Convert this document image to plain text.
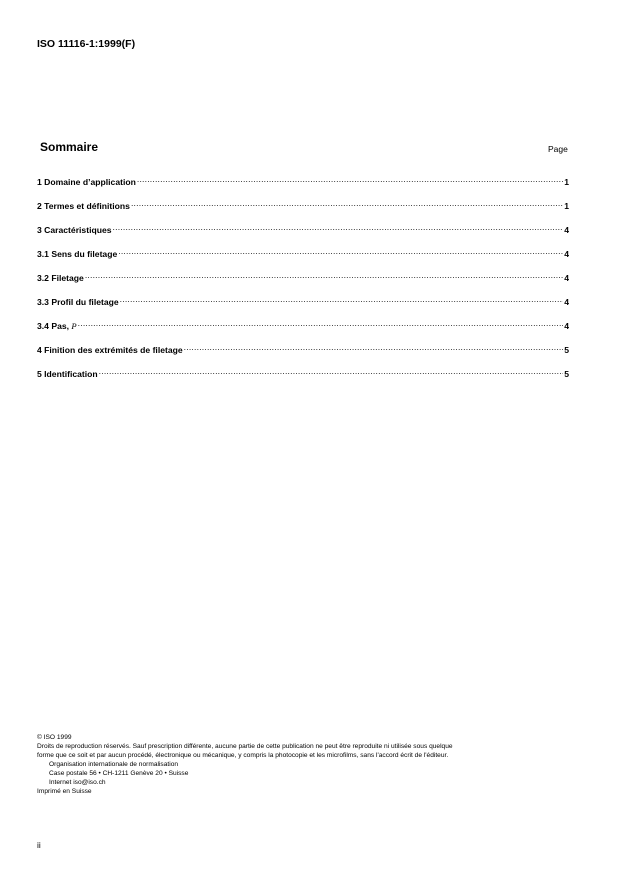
ISO 11116-1:1999(F)
Sommaire	Page
1 Domaine d’application .....	1
2 Termes et définitions .....	1
3 Caractéristiques .....	4
3.1 Sens du filetage .....	4
3.2 Filetage .....	4
3.3 Profil du filetage .....	4
3.4 Pas, P .....	4
4 Finition des extrémités de filetage .....	5
5 Identification .....	5

© ISO 1999

Droits de reproduction réservés. Sauf prescription différente, aucune partie de cette publication ne peut être reproduite ni utilisée sous quelque

forme que ce soit et par aucun procédé, électronique ou mécanique, y compris la photocopie et les microfilms, sans l'accord écrit de l'éditeur.

Organisation internationale de normalisation

Case postale 56 • CH-1211 Genève 20 • Suisse

Internet iso@iso.ch

Imprimé en Suisse

ii
